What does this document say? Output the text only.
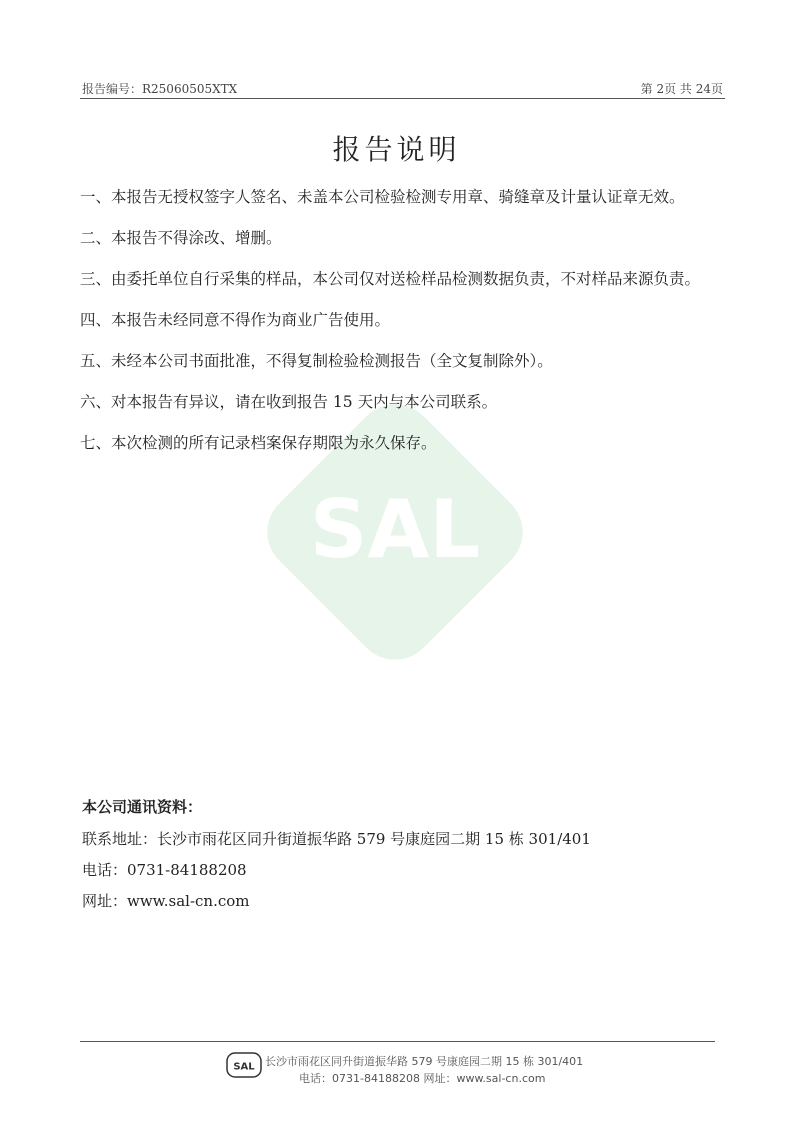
报告编号：R25060505XTX	第 2页 共 24页
报告说明
SAL
一、本报告无授权签字人签名、未盖本公司检验检测专用章、骑缝章及计量认证章无效。
二、本报告不得涂改、增删。
三、由委托单位自行采集的样品，本公司仅对送检样品检测数据负责，不对样品来源负责。
四、本报告未经同意不得作为商业广告使用。
五、未经本公司书面批准，不得复制检验检测报告（全文复制除外）。
六、对本报告有异议，请在收到报告 15 天内与本公司联系。
七、本次检测的所有记录档案保存期限为永久保存。
本公司通讯资料：
联系地址：长沙市雨花区同升街道振华路 579 号康庭园二期 15 栋 301/401
电话：0731-84188208
网址：www.sal-cn.com
SAL 长沙市雨花区同升街道振华路 579 号康庭园二期 15 栋 301/401
电话：0731-84188208 网址：www.sal-cn.com
